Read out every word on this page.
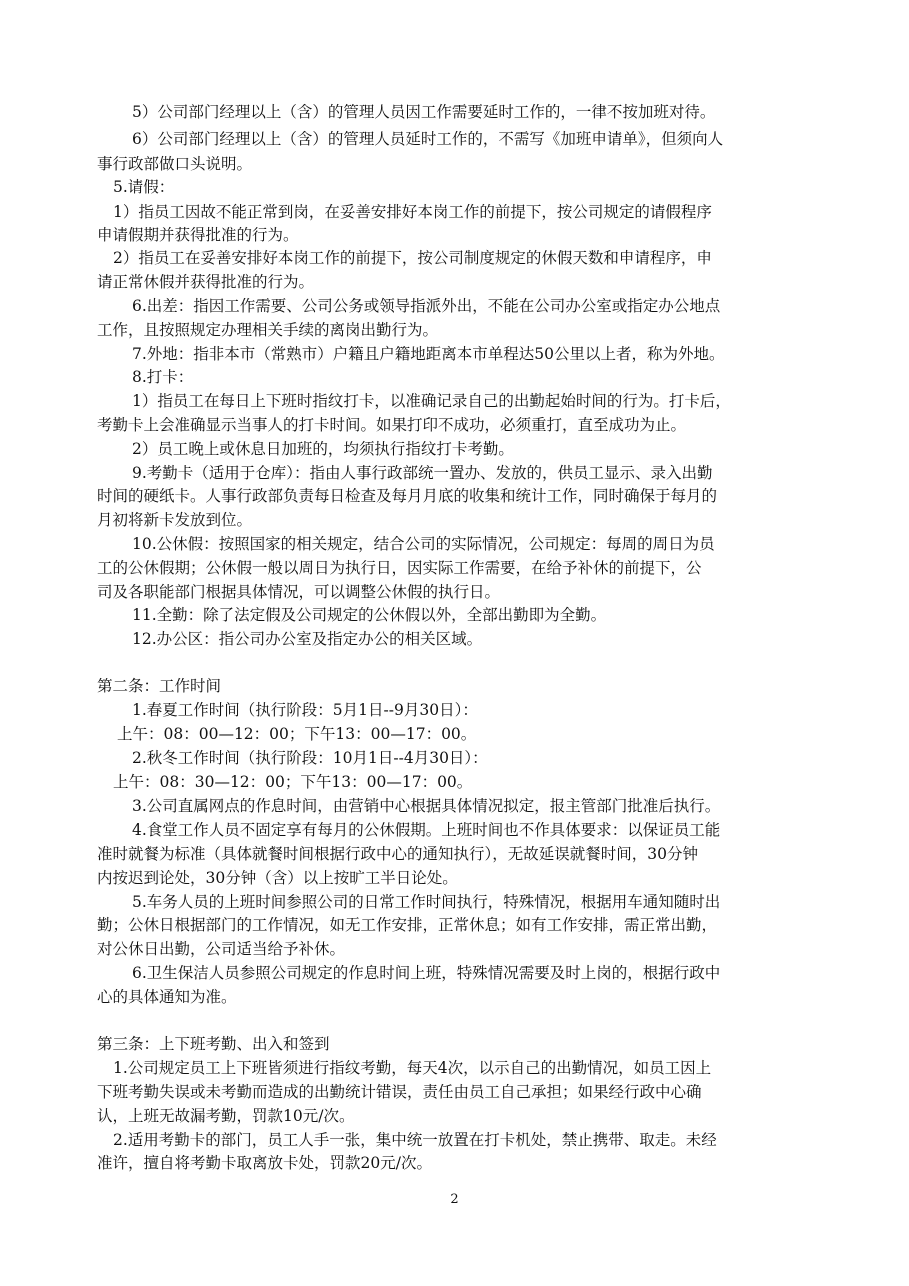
5）公司部门经理以上（含）的管理人员因工作需要延时工作的，一律不按加班对待。
6）公司部门经理以上（含）的管理人员延时工作的，不需写《加班申请单》，但须向人
事行政部做口头说明。
5.请假：
1）指员工因故不能正常到岗，在妥善安排好本岗工作的前提下，按公司规定的请假程序
申请假期并获得批准的行为。
2）指员工在妥善安排好本岗工作的前提下，按公司制度规定的休假天数和申请程序，申
请正常休假并获得批准的行为。
6.出差：指因工作需要、公司公务或领导指派外出，不能在公司办公室或指定办公地点
工作，且按照规定办理相关手续的离岗出勤行为。
7.外地：指非本市（常熟市）户籍且户籍地距离本市单程达50公里以上者，称为外地。
8.打卡：
1）指员工在每日上下班时指纹打卡，以准确记录自己的出勤起始时间的行为。打卡后，
考勤卡上会准确显示当事人的打卡时间。如果打印不成功，必须重打，直至成功为止。
2）员工晚上或休息日加班的，均须执行指纹打卡考勤。
9.考勤卡（适用于仓库）：指由人事行政部统一置办、发放的，供员工显示、录入出勤
时间的硬纸卡。人事行政部负责每日检查及每月月底的收集和统计工作，同时确保于每月的
月初将新卡发放到位。
10.公休假：按照国家的相关规定，结合公司的实际情况，公司规定：每周的周日为员
工的公休假期；公休假一般以周日为执行日，因实际工作需要，在给予补休的前提下，公
司及各职能部门根据具体情况，可以调整公休假的执行日。
11.全勤：除了法定假及公司规定的公休假以外，全部出勤即为全勤。
12.办公区：指公司办公室及指定办公的相关区域。
第二条：工作时间
1.春夏工作时间（执行阶段：5月1日--9月30日）：
上午：08：00—12：00；下午13：00—17：00。
2.秋冬工作时间（执行阶段：10月1日--4月30日）：
上午：08：30—12：00；下午13：00—17：00。
3.公司直属网点的作息时间，由营销中心根据具体情况拟定，报主管部门批准后执行。
4.食堂工作人员不固定享有每月的公休假期。上班时间也不作具体要求：以保证员工能
准时就餐为标准（具体就餐时间根据行政中心的通知执行），无故延误就餐时间，30分钟
内按迟到论处，30分钟（含）以上按旷工半日论处。
5.车务人员的上班时间参照公司的日常工作时间执行，特殊情况，根据用车通知随时出
勤；公休日根据部门的工作情况，如无工作安排，正常休息；如有工作安排，需正常出勤，
对公休日出勤，公司适当给予补休。
6.卫生保洁人员参照公司规定的作息时间上班，特殊情况需要及时上岗的，根据行政中
心的具体通知为准。
第三条：上下班考勤、出入和签到
1.公司规定员工上下班皆须进行指纹考勤，每天4次，以示自己的出勤情况，如员工因上
下班考勤失误或未考勤而造成的出勤统计错误，责任由员工自己承担；如果经行政中心确
认，上班无故漏考勤，罚款10元/次。
2.适用考勤卡的部门，员工人手一张，集中统一放置在打卡机处，禁止携带、取走。未经
准许，擅自将考勤卡取离放卡处，罚款20元/次。
2
